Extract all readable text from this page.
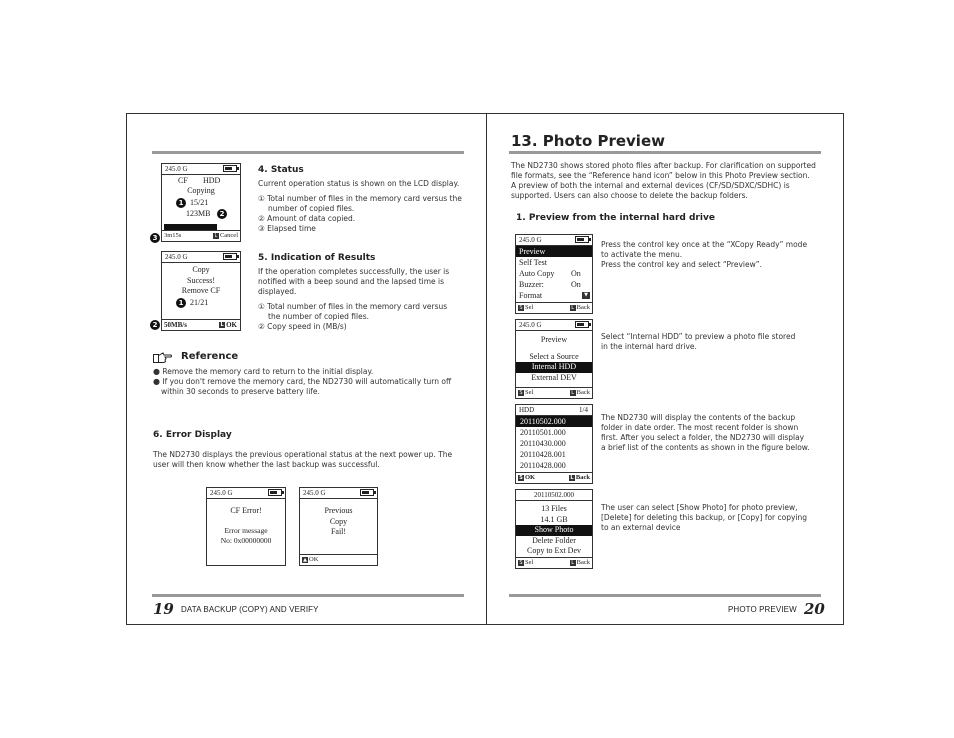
245.0 G
CF HDD
Copying
1 15/21
123MB	2
3m15s	L Cancel
3
4. Status
Current operation status is shown on the LCD display.
① Total number of files in the memory card versus the
number of copied files.
② Amount of data copied.
③ Elapsed time
245.0 G
Copy
Success!
Remove CF
1 21/21
50MB/s	L OK
2
5. Indication of Results
If the operation completes successfully, the user is
notified with a beep sound and the lapsed time is
displayed.
① Total number of files in the memory card versus
the number of copied files.
② Copy speed in (MB/s)
Reference
● Remove the memory card to return to the initial display.
● If you don't remove the memory card, the ND2730 will automatically turn off
within 30 seconds to preserve battery life.
6. Error Display
The ND2730 displays the previous operational status at the next power up. The
user will then know whether the last backup was successful.
245.0 G
CF Error!
Error message
No: 0x00000000
245.0 G
Previous
Copy
Fail!
▲ OK
19 DATA BACKUP (COPY) AND VERIFY
13. Photo Preview
The ND2730 shows stored photo files after backup. For clarification on supported
file formats, see the “Reference hand icon” below in this Photo Preview section.
A preview of both the internal and external devices (CF/SD/SDXC/SDHC) is
supported. Users can also choose to delete the backup folders.
1. Preview from the internal hard drive
245.0 G
Preview
Self Test
Auto Copy On
Buzzer:	On
Format	▼
S Sel	L Back
Press the control key once at the “XCopy Ready” mode
to activate the menu.
Press the control key and select “Preview”.
245.0 G
Preview
Select a Source
Internal HDD
External DEV
S Sel	L Back
Select “Internal HDD” to preview a photo file stored
in the internal hard drive.
HDD	1/4
20110502.000
20110501.000
20110430.000
20110428.001
20110428.000
S OK	L Back
The ND2730 will display the contents of the backup
folder in date order. The most recent folder is shown
first. After you select a folder, the ND2730 will display
a brief list of the contents as shown in the figure below.
20110502.000
13 Files
14.1 GB
Show Photo
Delete Folder
Copy to Ext Dev
S Sel	L Back
The user can select [Show Photo] for photo preview,
[Delete] for deleting this backup, or [Copy] for copying
to an external device
PHOTO PREVIEW 20
